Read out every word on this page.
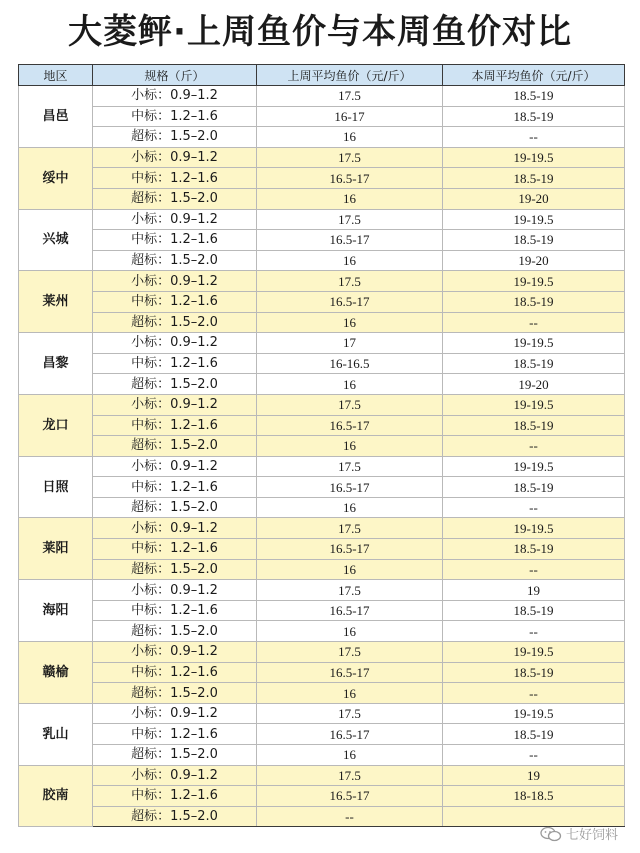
大菱鲆·上周鱼价与本周鱼价对比
地区	规格（斤）	上周平均鱼价（元/斤）	本周平均鱼价（元/斤）
昌邑	小标：0.9–1.2	17.5	18.5-19
	中标：1.2–1.6	16-17	18.5-19
	超标：1.5–2.0	16	--
绥中	小标：0.9–1.2	17.5	19-19.5
	中标：1.2–1.6	16.5-17	18.5-19
	超标：1.5–2.0	16	19-20
兴城	小标：0.9–1.2	17.5	19-19.5
	中标：1.2–1.6	16.5-17	18.5-19
	超标：1.5–2.0	16	19-20
莱州	小标：0.9–1.2	17.5	19-19.5
	中标：1.2–1.6	16.5-17	18.5-19
	超标：1.5–2.0	16	--
昌黎	小标：0.9–1.2	17	19-19.5
	中标：1.2–1.6	16-16.5	18.5-19
	超标：1.5–2.0	16	19-20
龙口	小标：0.9–1.2	17.5	19-19.5
	中标：1.2–1.6	16.5-17	18.5-19
	超标：1.5–2.0	16	--
日照	小标：0.9–1.2	17.5	19-19.5
	中标：1.2–1.6	16.5-17	18.5-19
	超标：1.5–2.0	16	--
莱阳	小标：0.9–1.2	17.5	19-19.5
	中标：1.2–1.6	16.5-17	18.5-19
	超标：1.5–2.0	16	--
海阳	小标：0.9–1.2	17.5	19
	中标：1.2–1.6	16.5-17	18.5-19
	超标：1.5–2.0	16	--
赣榆	小标：0.9–1.2	17.5	19-19.5
	中标：1.2–1.6	16.5-17	18.5-19
	超标：1.5–2.0	16	--
乳山	小标：0.9–1.2	17.5	19-19.5
	中标：1.2–1.6	16.5-17	18.5-19
	超标：1.5–2.0	16	--
胶南	小标：0.9–1.2	17.5	19
	中标：1.2–1.6	16.5-17	18-18.5
	超标：1.5–2.0	--	
七好饲料
